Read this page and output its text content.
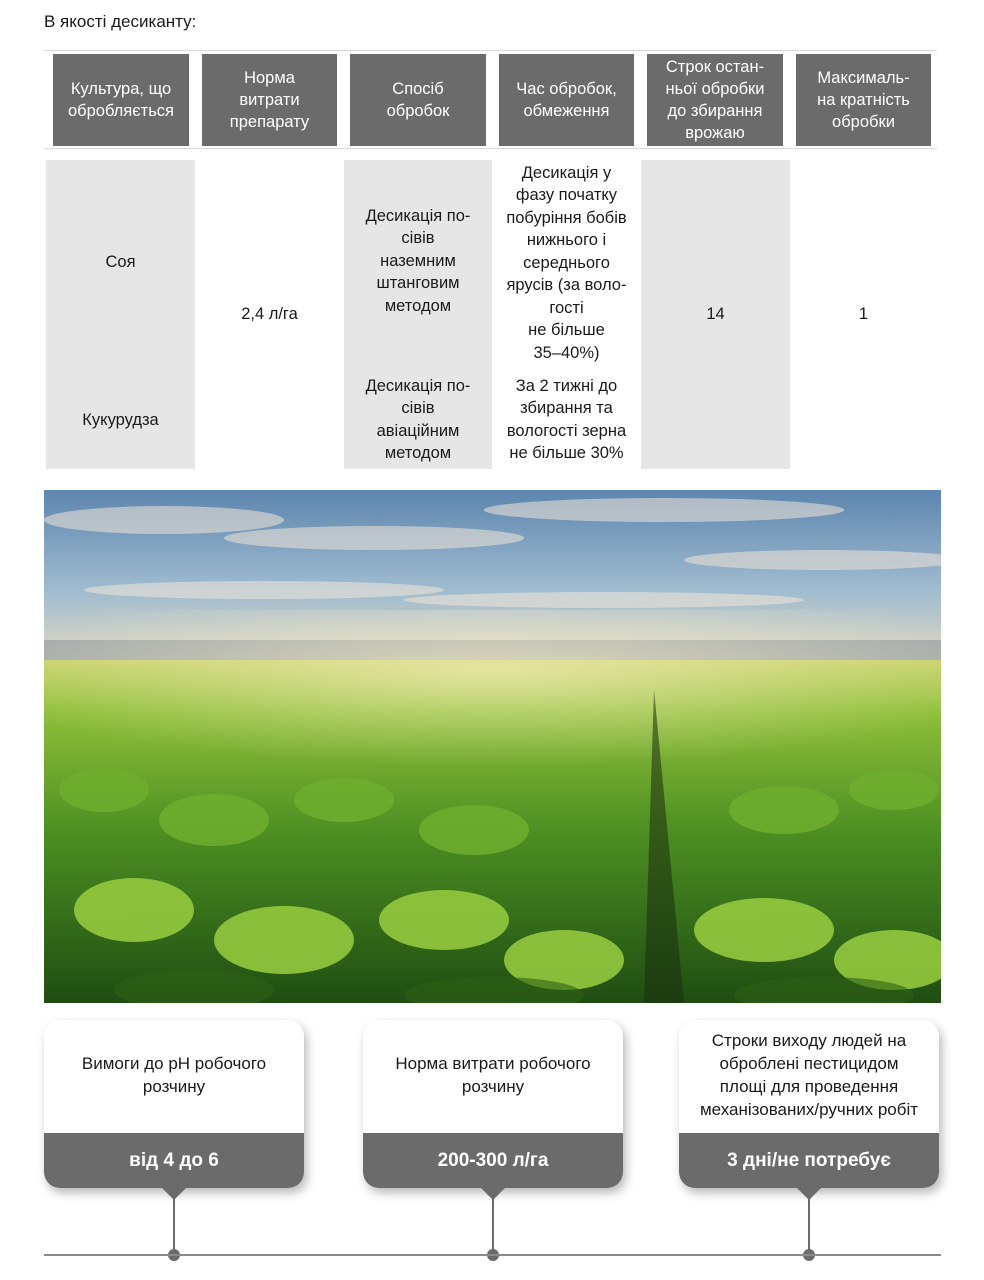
В якості десиканту:
Культура, що
обробляється
Норма
витрати
препарату
Спосіб
обробок
Час обробок,
обмеження
Строк остан-
ньої обробки
до збирання
врожаю
Максималь-
на кратність
обробки
Соя
Кукурудза
2,4 л/га
Десикація по-
сівів
наземним
штанговим
методом
Десикація по-
сівів
авіаційним
методом
Десикація у
фазу початку
побуріння бобів
нижнього і
середнього
ярусів (за воло-
гості
не більше
35–40%)
За 2 тижні до
збирання та
вологості зерна
не більше 30%
14	1
Вимоги до pH робочого
розчину
від 4 до 6
Норма витрати робочого
розчину
200-300 л/га
Строки виходу людей на
оброблені пестицидом
площі для проведення
механізованих/ручних робіт
3 дні/не потребує
